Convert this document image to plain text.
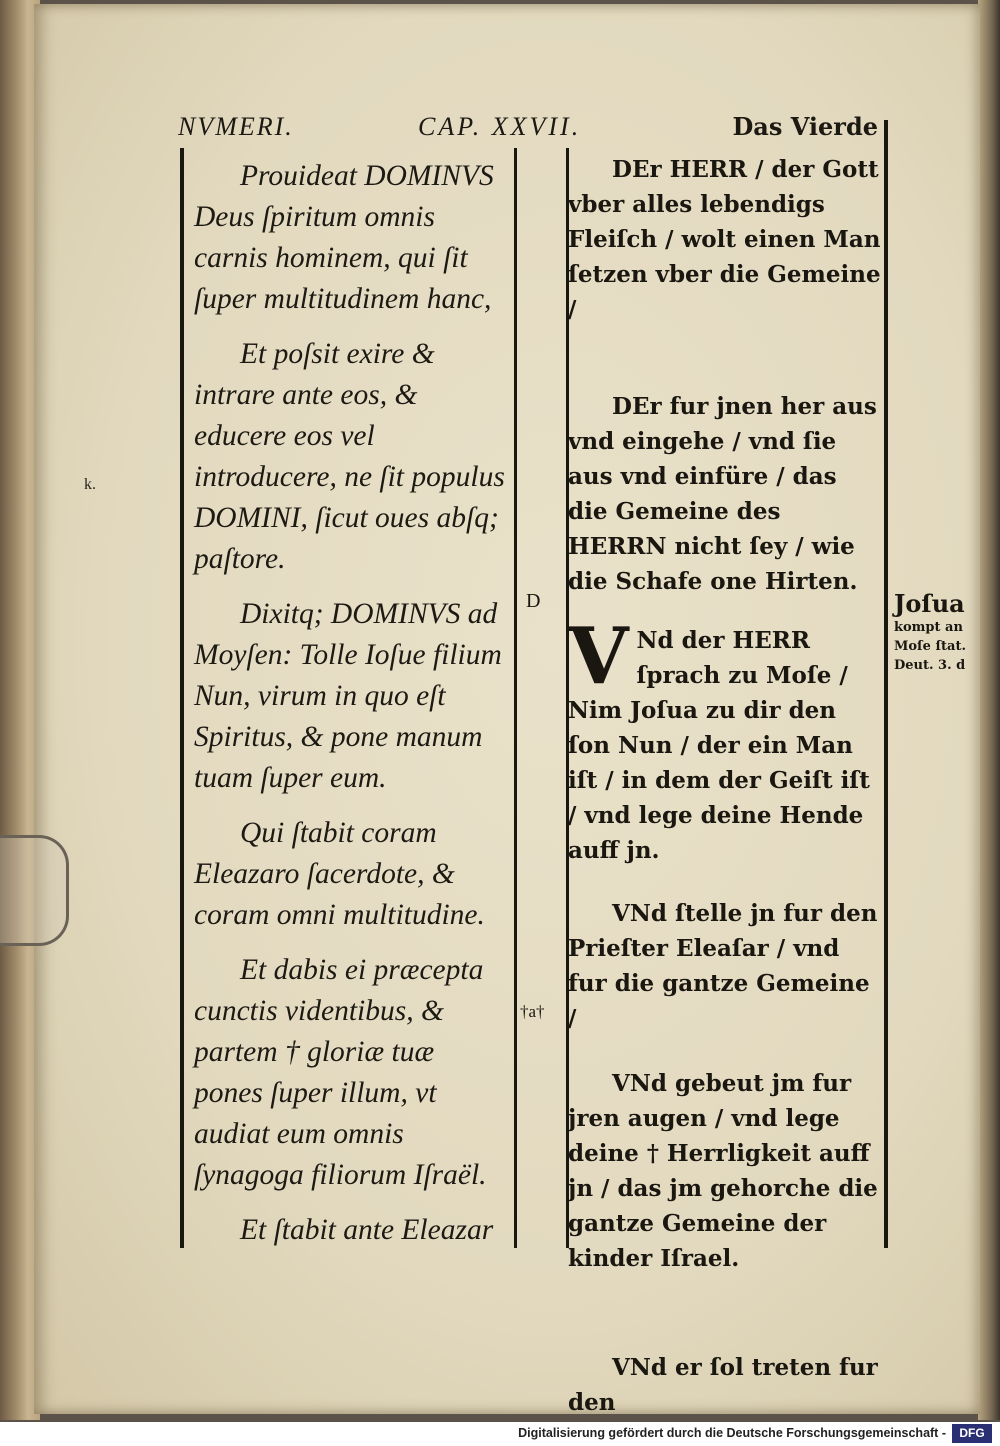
NVMERI.	CAP. XXVII.	Das Vierde
k.

Prouideat DOMINVS Deus ſpiritum omnis carnis hominem, qui ſit ſuper multitudinem hanc,

Et poſsit exire & intrare ante eos, & educere eos vel introducere, ne ſit populus DOMINI, ſicut oues abſq; paſtore.

Dixitq; DOMINVS ad Moyſen: Tolle Ioſue filium Nun, virum in quo eſt Spiritus, & pone manum tuam ſuper eum.

Qui ſtabit coram Eleazaro ſacerdote, & coram omni multitudine.

Et dabis ei præcepta cunctis videntibus, & partem † gloriæ tuæ pones ſuper illum, vt audiat eum omnis ſynagoga filiorum Iſraël.

Et ſtabit ante Eleazar

D
†a†

DEr HERR / der Gott vber alles lebendigs Fleiſch / wolt einen Man ſetzen vber die Gemeine /

DEr fur jnen her aus vnd eingehe / vnd ſie aus vnd einfüre / das die Gemeine des HERRN nicht ſey / wie die Schafe one Hirten.

V Nd der HERR ſprach zu Moſe / Nim Joſua zu dir den ſon Nun / der ein Man iſt / in dem der Geiſt iſt / vnd lege deine Hende auff jn.

VNd ſtelle jn fur den Prieſter Eleaſar / vnd fur die gantze Gemeine /

VNd gebeut jm fur jren augen / vnd lege deine † Herrligkeit auff jn / das jm gehorche die gantze Gemeine der kinder Iſrael.

VNd er ſol treten fur den

Joſua
kompt an Moſe ſtat. Deut. 3. d
Digitalisierung gefördert durch die Deutsche Forschungsgemeinschaft -	DFG
